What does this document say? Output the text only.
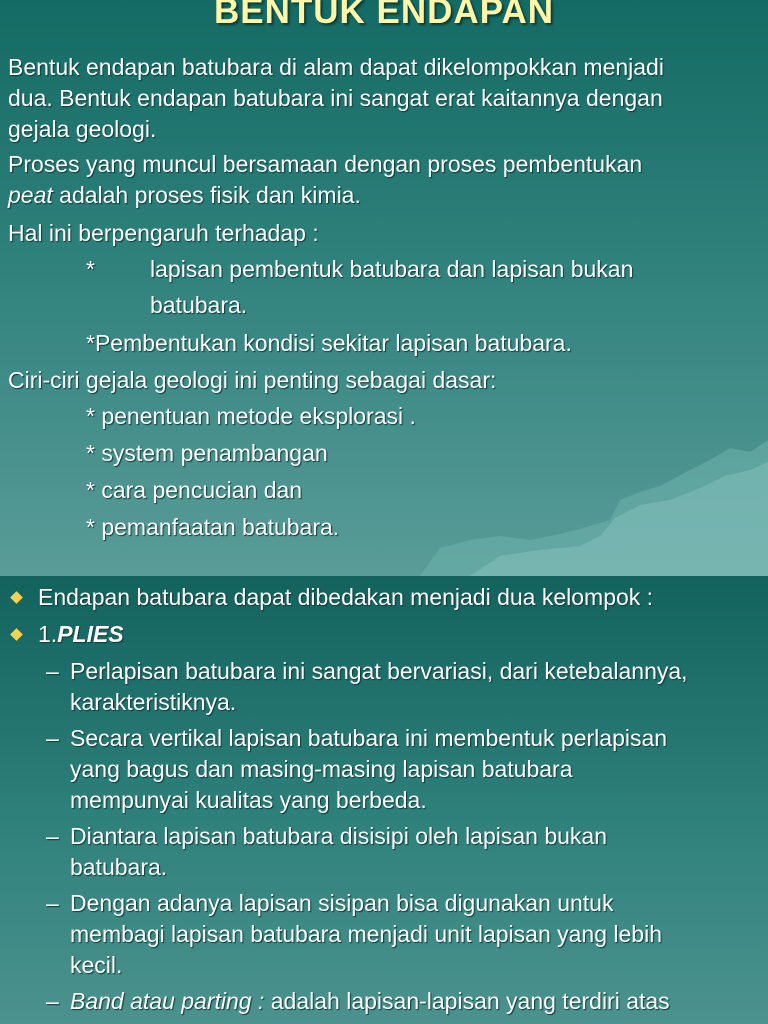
BENTUK ENDAPAN
Bentuk endapan batubara di alam dapat dikelompokkan menjadi
dua. Bentuk endapan batubara ini sangat erat kaitannya dengan
gejala geologi.
Proses yang muncul bersamaan dengan proses pembentukan
peat adalah proses fisik dan kimia.
Hal ini berpengaruh terhadap :
* lapisan pembentuk batubara dan lapisan bukan
batubara.
*Pembentukan kondisi sekitar lapisan batubara.
Ciri-ciri gejala geologi ini penting sebagai dasar:
* penentuan metode eksplorasi .
* system penambangan
* cara pencucian dan
* pemanfaatan batubara.
Endapan batubara dapat dibedakan menjadi dua kelompok :
1.PLIES
– Perlapisan batubara ini sangat bervariasi, dari ketebalannya,
karakteristiknya.
– Secara vertikal lapisan batubara ini membentuk perlapisan
yang bagus dan masing-masing lapisan batubara
mempunyai kualitas yang berbeda.
– Diantara lapisan batubara disisipi oleh lapisan bukan
batubara.
– Dengan adanya lapisan sisipan bisa digunakan untuk
membagi lapisan batubara menjadi unit lapisan yang lebih
kecil.
– Band atau parting : adalah lapisan-lapisan yang terdiri atas
